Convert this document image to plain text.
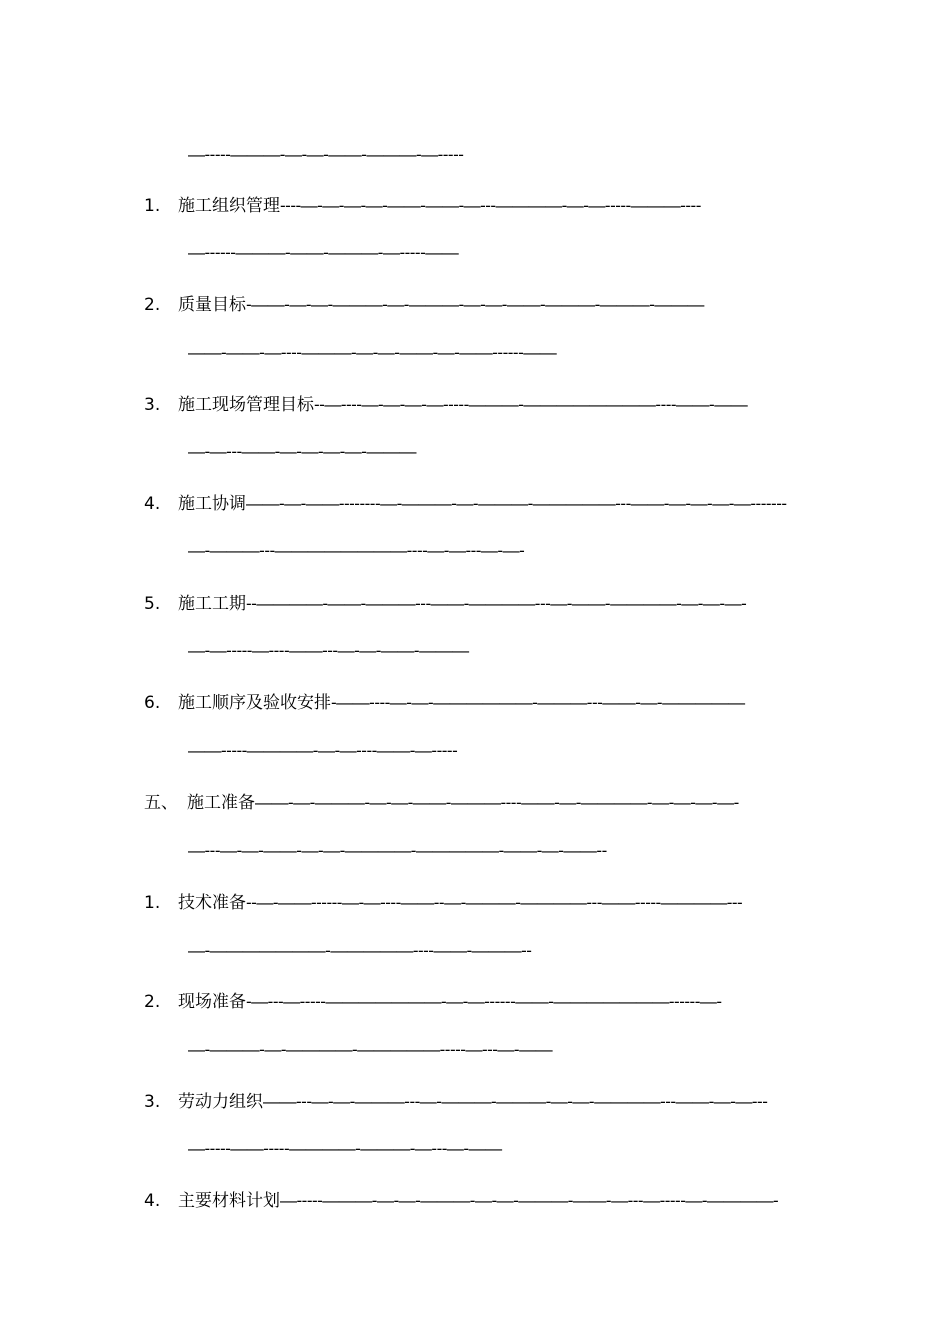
—-----———-—-—-——-———-—-----
1. 施工组织管理----—-—-—-—-——-——-—---————-—-—-----———----
—------———-——-———-—-----——
2. 质量目标-——-—-—-———-—-———-—-—-——-———-———-———
——-——-—----———-—-—-——-—-——------——
3. 施工现场管理目标--—----—-—-—-—-----———-————————----——-——
—-—---——-—-—-—-—-———
4. 施工协调——-—-——--------—-———-—-———-—————---——-—-—-—-—-------
—-———---————————----—-—---—-—-
5. 施工工期--————-——-———---——-————---—-——-————-—-—-—-
—-—-----—----——---—-—-——-———
6. 施工顺序及验收安排-——----—-—-——————-———---——-—-—————
——-----————-—-—----——-—-----
五、 施工准备——-—-———-—-—-——-———----——-—-————-—-—-—-—-
—---—-—-——-—-—-————-—————-——-—-——--
1. 技术准备--—-——------—-—----——--—-———-————---——-----————---
—-———————-—————----——-———--
2. 现场准备-—---—-----———————-—-—------——-———————------—-
—-———-—-————-—————-----—---—-——
3. 劳动力组织——---—-—-———---—-———-———-—-—-————---——-—-—---
—-----——-----————-———-—---—-——
4. 主要材料计划—-----———-—-—-———-—-—-———-——-—---—-----—-————-
